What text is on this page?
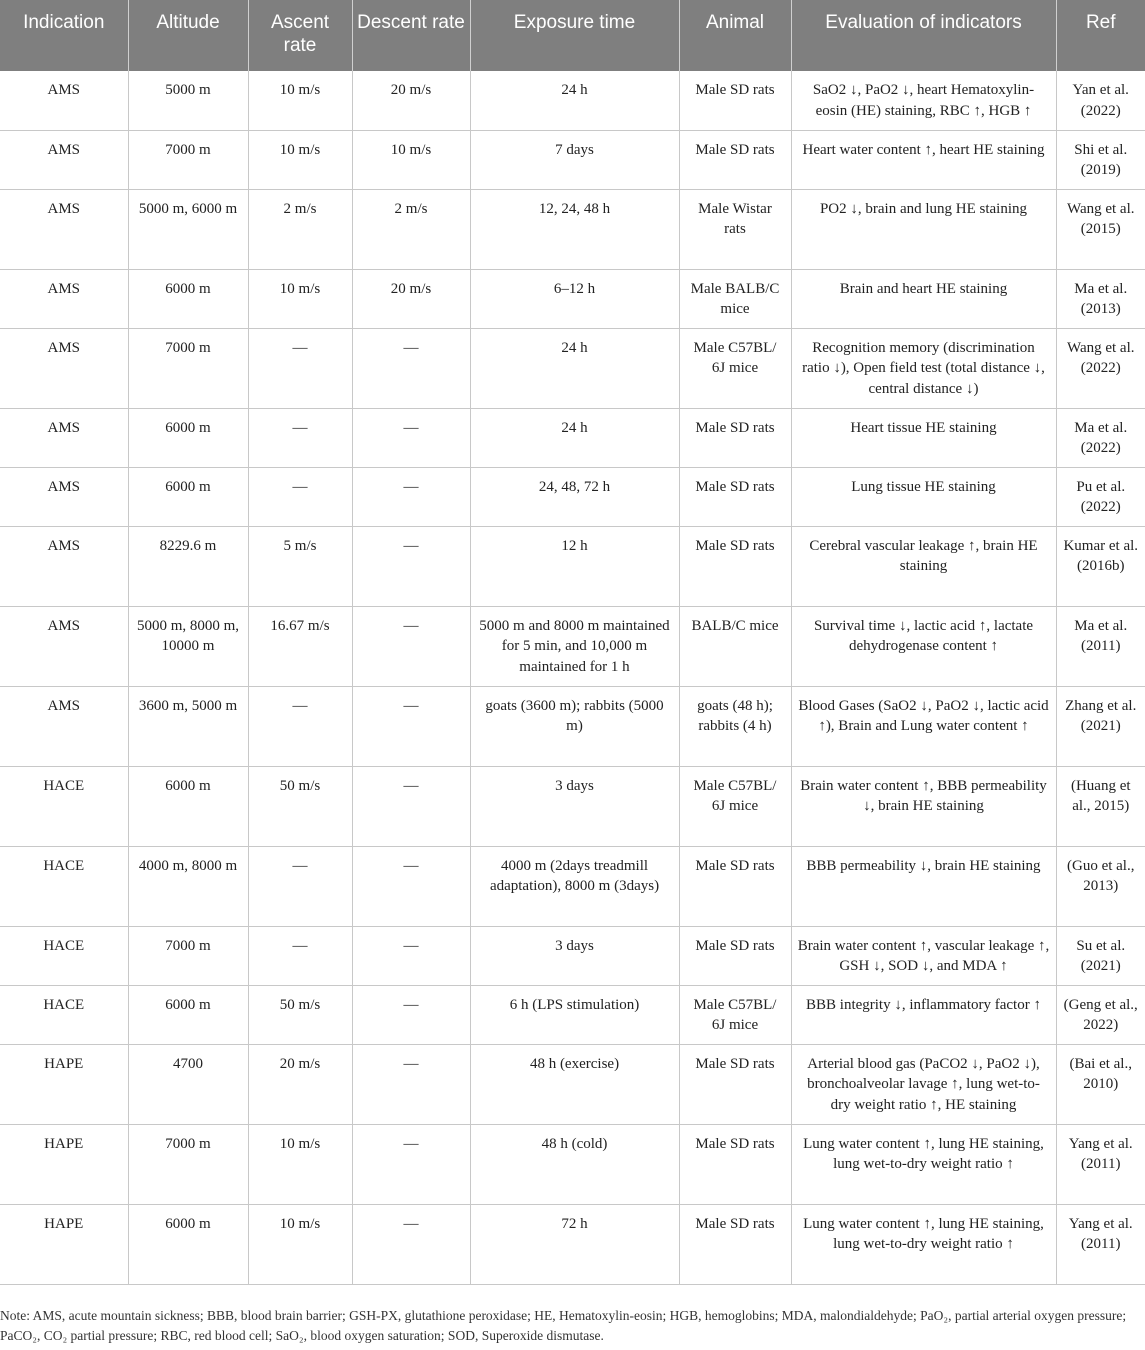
Indication	Altitude	Ascent rate	Descent rate	Exposure time	Animal	Evaluation of indicators	Ref
AMS	5000 m	10 m/s	20 m/s	24 h	Male SD rats	SaO2 ↓, PaO2 ↓, heart Hematoxylin-eosin (HE) staining, RBC ↑, HGB ↑	Yan et al. (2022)
AMS	7000 m	10 m/s	10 m/s	7 days	Male SD rats	Heart water content ↑, heart HE staining	Shi et al. (2019)
AMS	5000 m, 6000 m	2 m/s	2 m/s	12, 24, 48 h	Male Wistar rats	PO2 ↓, brain and lung HE staining	Wang et al. (2015)
AMS	6000 m	10 m/s	20 m/s	6–12 h	Male BALB/C mice	Brain and heart HE staining	Ma et al. (2013)
AMS	7000 m	—	—	24 h	Male C57BL/ 6J mice	Recognition memory (discrimination ratio ↓), Open field test (total distance ↓, central distance ↓)	Wang et al. (2022)
AMS	6000 m	—	—	24 h	Male SD rats	Heart tissue HE staining	Ma et al. (2022)
AMS	6000 m	—	—	24, 48, 72 h	Male SD rats	Lung tissue HE staining	Pu et al. (2022)
AMS	8229.6 m	5 m/s	—	12 h	Male SD rats	Cerebral vascular leakage ↑, brain HE staining	Kumar et al. (2016b)
AMS	5000 m, 8000 m, 10000 m	16.67 m/s	—	5000 m and 8000 m maintained for 5 min, and 10,000 m maintained for 1 h	BALB/C mice	Survival time ↓, lactic acid ↑, lactate dehydrogenase content ↑	Ma et al. (2011)
AMS	3600 m, 5000 m	—	—	goats (3600 m); rabbits (5000 m)	goats (48 h); rabbits (4 h)	Blood Gases (SaO2 ↓, PaO2 ↓, lactic acid ↑), Brain and Lung water content ↑	Zhang et al. (2021)
HACE	6000 m	50 m/s	—	3 days	Male C57BL/ 6J mice	Brain water content ↑, BBB permeability ↓, brain HE staining	(Huang et al., 2015)
HACE	4000 m, 8000 m	—	—	4000 m (2days treadmill adaptation), 8000 m (3days)	Male SD rats	BBB permeability ↓, brain HE staining	(Guo et al., 2013)
HACE	7000 m	—	—	3 days	Male SD rats	Brain water content ↑, vascular leakage ↑, GSH ↓, SOD ↓, and MDA ↑	Su et al. (2021)
HACE	6000 m	50 m/s	—	6 h (LPS stimulation)	Male C57BL/ 6J mice	BBB integrity ↓, inflammatory factor ↑	(Geng et al., 2022)
HAPE	4700	20 m/s	—	48 h (exercise)	Male SD rats	Arterial blood gas (PaCO2 ↓, PaO2 ↓), bronchoalveolar lavage ↑, lung wet-to-dry weight ratio ↑, HE staining	(Bai et al., 2010)
HAPE	7000 m	10 m/s	—	48 h (cold)	Male SD rats	Lung water content ↑, lung HE staining, lung wet-to-dry weight ratio ↑	Yang et al. (2011)
HAPE	6000 m	10 m/s	—	72 h	Male SD rats	Lung water content ↑, lung HE staining, lung wet-to-dry weight ratio ↑	Yang et al. (2011)
Note: AMS, acute mountain sickness; BBB, blood brain barrier; GSH-PX, glutathione peroxidase; HE, Hematoxylin-eosin; HGB, hemoglobins; MDA, malondialdehyde; PaO₂, partial arterial oxygen pressure; PaCO₂, CO₂ partial pressure; RBC, red blood cell; SaO₂, blood oxygen saturation; SOD, Superoxide dismutase.
